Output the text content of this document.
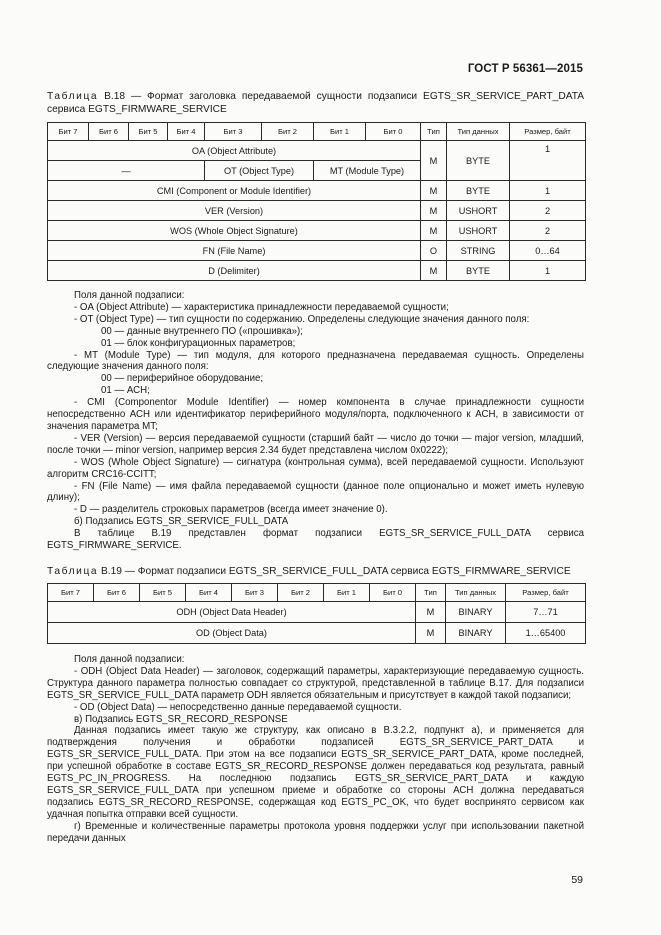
ГОСТ Р 56361—2015
Таблица B.18 — Формат заголовка передаваемой сущности подзаписи EGTS_SR_SERVICE_PART_DATA сервиса EGTS_FIRMWARE_SERVICE
Бит 7	Бит 6	Бит 5	Бит 4	Бит 3	Бит 2	Бит 1	Бит 0	Тип	Тип данных	Размер, байт
OA (Object Attribute)								M	BYTE	1
—				OT (Object Type)		MT (Module Type)				
CMI (Component or Module Identifier)								M	BYTE	1
VER (Version)								M	USHORT	2
WOS (Whole Object Signature)								M	USHORT	2
FN (File Name)								O	STRING	0…64
D (Delimiter)								M	BYTE	1

Поля данной подзаписи:

- OA (Object Attribute) — характеристика принадлежности передаваемой сущности;

- OT (Object Type) — тип сущности по содержанию. Определены следующие значения данного поля:

00 — данные внутреннего ПО («прошивка»);

01 — блок конфигурационных параметров;

- MT (Module Type) — тип модуля, для которого предназначена передаваемая сущность. Определены следующие значения данного поля:

00 — периферийное оборудование;

01 — АСН;

- CMI (Componentor Module Identifier) — номер компонента в случае принадлежности сущности непосредственно АСН или идентификатор периферийного модуля/порта, подключенного к АСН, в зависимости от значения параметра MT;

- VER (Version) — версия передаваемой сущности (старший байт — число до точки — major version, младший, после точки — minor version, например версия 2.34 будет представлена числом 0x0222);

- WOS (Whole Object Signature) — сигнатура (контрольная сумма), всей передаваемой сущности. Используют алгоритм CRC16-CCITT;

- FN (File Name) — имя файла передаваемой сущности (данное поле опционально и может иметь нулевую длину);

- D — разделитель строковых параметров (всегда имеет значение 0).

б) Подзапись EGTS_SR_SERVICE_FULL_DATA

В таблице В.19 представлен формат подзаписи EGTS_SR_SERVICE_FULL_DATA сервиса EGTS_FIRMWARE_SERVICE.

Таблица B.19 — Формат подзаписи EGTS_SR_SERVICE_FULL_DATA сервиса EGTS_FIRMWARE_SERVICE
Бит 7	Бит 6	Бит 5	Бит 4	Бит 3	Бит 2	Бит 1	Бит 0	Тип	Тип данных	Размер, байт
ODH (Object Data Header)								M	BINARY	7…71
OD (Object Data)								M	BINARY	1…65400

Поля данной подзаписи:

- ODH (Object Data Header) — заголовок, содержащий параметры, характеризующие передаваемую сущность. Структура данного параметра полностью совпадает со структурой, представленной в таблице В.17. Для подзаписи EGTS_SR_SERVICE_FULL_DATA параметр ODH является обязательным и присутствует в каждой такой подзаписи;

- OD (Object Data) — непосредственно данные передаваемой сущности.

в) Подзапись EGTS_SR_RECORD_RESPONSE

Данная подзапись имеет такую же структуру, как описано в В.3.2.2, подпункт а), и применяется для подтверждения получения и обработки подзаписей EGTS_SR_SERVICE_PART_DATA и EGTS_SR_SERVICE_FULL_DATA. При этом на все подзаписи EGTS_SR_SERVICE_PART_DATA, кроме последней, при успешной обработке в составе EGTS_SR_RECORD_RESPONSE должен передаваться код результата, равный EGTS_PC_IN_PROGRESS. На последнюю подзапись EGTS_SR_SERVICE_PART_DATA и каждую EGTS_SR_SERVICE_FULL_DATA при успешном приеме и обработке со стороны АСН должна передаваться подзапись EGTS_SR_RECORD_RESPONSE, содержащая код EGTS_PC_OK, что будет воспринято сервисом как удачная попытка отправки всей сущности.

г) Временные и количественные параметры протокола уровня поддержки услуг при использовании пакетной передачи данных

59
